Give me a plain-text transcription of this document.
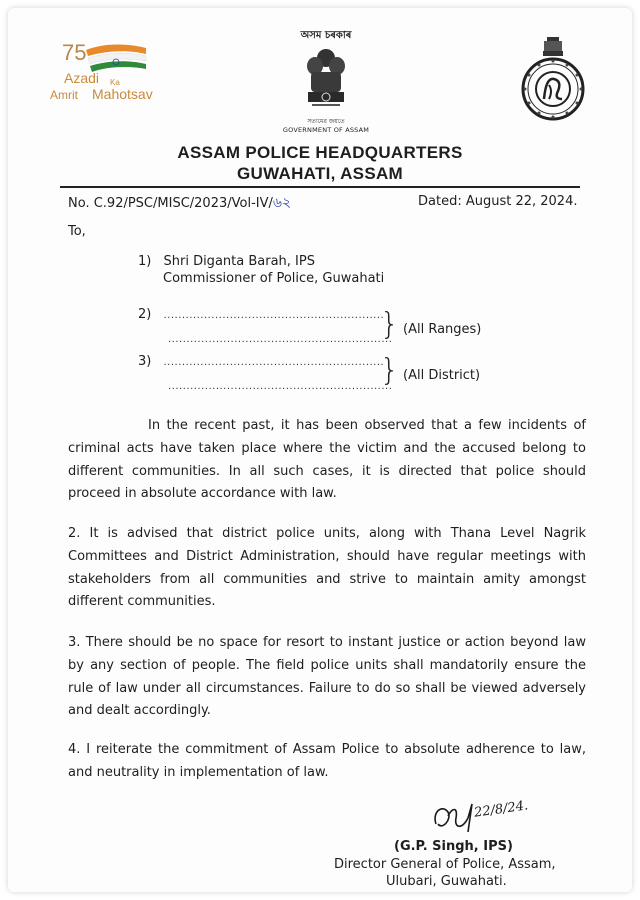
75
Azadi Ka
Amrit Mahotsav
অসম চৰকাৰ
সত্যমেৱ জয়তে
GOVERNMENT OF ASSAM
ASSAM POLICE HEADQUARTERS
GUWAHATI, ASSAM
No. C.92/PSC/MISC/2023/Vol-IV/৬২	Dated: August 22, 2024.
To,
1) Shri Diganta Barah, IPS
Commissioner of Police, Guwahati
2) ............................................................
.............................................................
} (All Ranges)
3) ............................................................
.............................................................
} (All District)
In the recent past, it has been observed that a few incidents of criminal acts have taken place where the victim and the accused belong to different communities. In all such cases, it is directed that police should proceed in absolute accordance with law.
2. It is advised that district police units, along with Thana Level Nagrik Committees and District Administration, should have regular meetings with stakeholders from all communities and strive to maintain amity amongst different communities.
3. There should be no space for resort to instant justice or action beyond law by any section of people. The field police units shall mandatorily ensure the rule of law under all circumstances. Failure to do so shall be viewed adversely and dealt accordingly.
4. I reiterate the commitment of Assam Police to absolute adherence to law, and neutrality in implementation of law.
22/8/24.
(G.P. Singh, IPS)
Director General of Police, Assam,
Ulubari, Guwahati.
